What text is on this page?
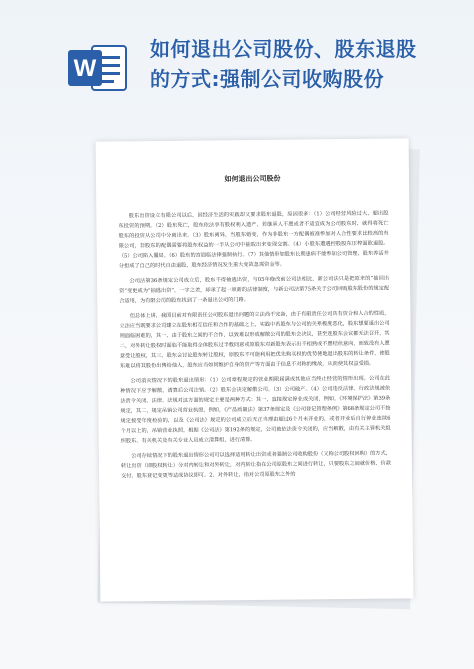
W
如何退出公司股份、股东退股
的方式:强制公司收购股份
如何退出公司股份

股东出资设立有限公司以后，因经济生活的实践却又要求股东退股，原因很多：（1）公司经营风险过大，超出股东投资的预期。（2）股东死亡，股东依法享有股权利入遗产，若继承人不愿或者不适宜成为公司股东时，就得将死亡股东的投资从公司中分离出来。（3）股东离异，当股东婚变，作为非股东一方配偶被准参加对人合性要求比较高的有限公司，非股东的配偶需要将股东权益的一半从公司中抽取出来变现交割。（4）小股东遭遇控股股东压榨面欧退股。（5）公司陷入僵局。（6）股东的宫面临法律强制执行。（7）其他情形如股东长期患病不能参加公司管理，股东养活并分担成了自己的时代自由退股，股东经济情况发生重大变故急需资金等。

公司法第36条规定公司成立后，股东不得抽逃出资，与05年修改前公司法相比，新公司法只是把原来的“抽回出资”变更成为“抽逃出资”，一字之差，却承了起一项新的法律制度，与新公司法第75条关于公司回购股东股份的规定配合适用，为有限公司的股东找到了一条退出公司的门路。

但总体上讲，我国目前对有限责任公司股东退出问题的立法尚不完备，由于有限责任公司具有资合和人合的性质，立法应当既要求公司建立在股东相互信任和合作的基础之上，实践中若股东与公司的关系极度恶化，股东想要退出公司则面临困难的，其一，由于股东之间的不合作，以致难以形成解散公司的股东会决议，甚至连股东会议都无法召开，其二，对外转让股权时面临不能取得全体股东过半数同意或原股东对新股东表示出不相熟或不愿结伙意向，而致没有人愿意受让股权，其三，股东会讨论股东转让股权，原股东不可能利用把优先购买权的优势使地退出股东的转让条件，使股东难以将其股份出售给他人，股东应当如何维护自身的资产等方面由于信息不对称的缘故，从而使其权益受损。

公司消灭情况下的股东退出情形：（1）公司章程规定的营业期限届满或其他应当终止经营的情形出现。公司在此种情况下应予解散，清算后公司注销。（2）股东会决定解散公司。（3）公司破产。（4）公司违反法律、行政法规被依法责令关闭、法律、法规对这方面的规定主要是两种方式：其一，直接规定停业或关闭，例如，《环境保护法》第39条规定，其二，规定吊销公司营业执照，例如，《产品质量法》第37条规定及《公司登记管理条例》第68条规定公司不按规定接受年度检验的，以及《公司法》规定的公司成立后无正当理由超过6个月未开业的，或者开业后自行停业连续6个月以上的，吊销营业执照，根据《公司法》第192条的规定，公司被依法责令关闭的，应当解散，由有关主管机关组织股东、有关机关及有关专业人员成立清算组，进行清算。

公司存续情况下的股东退出情形公司可以选择适用转让出资或者强制公司收购股份（又称公司股权回购）的方式，转让出资（即股权转让）分对内转让和对外转让，对内转让指在公司原股东之间进行转让，只要股东之间就价格、价款交付、股东登记变更等达成协议即可。2、对外转让，指对公司原股东之外的
